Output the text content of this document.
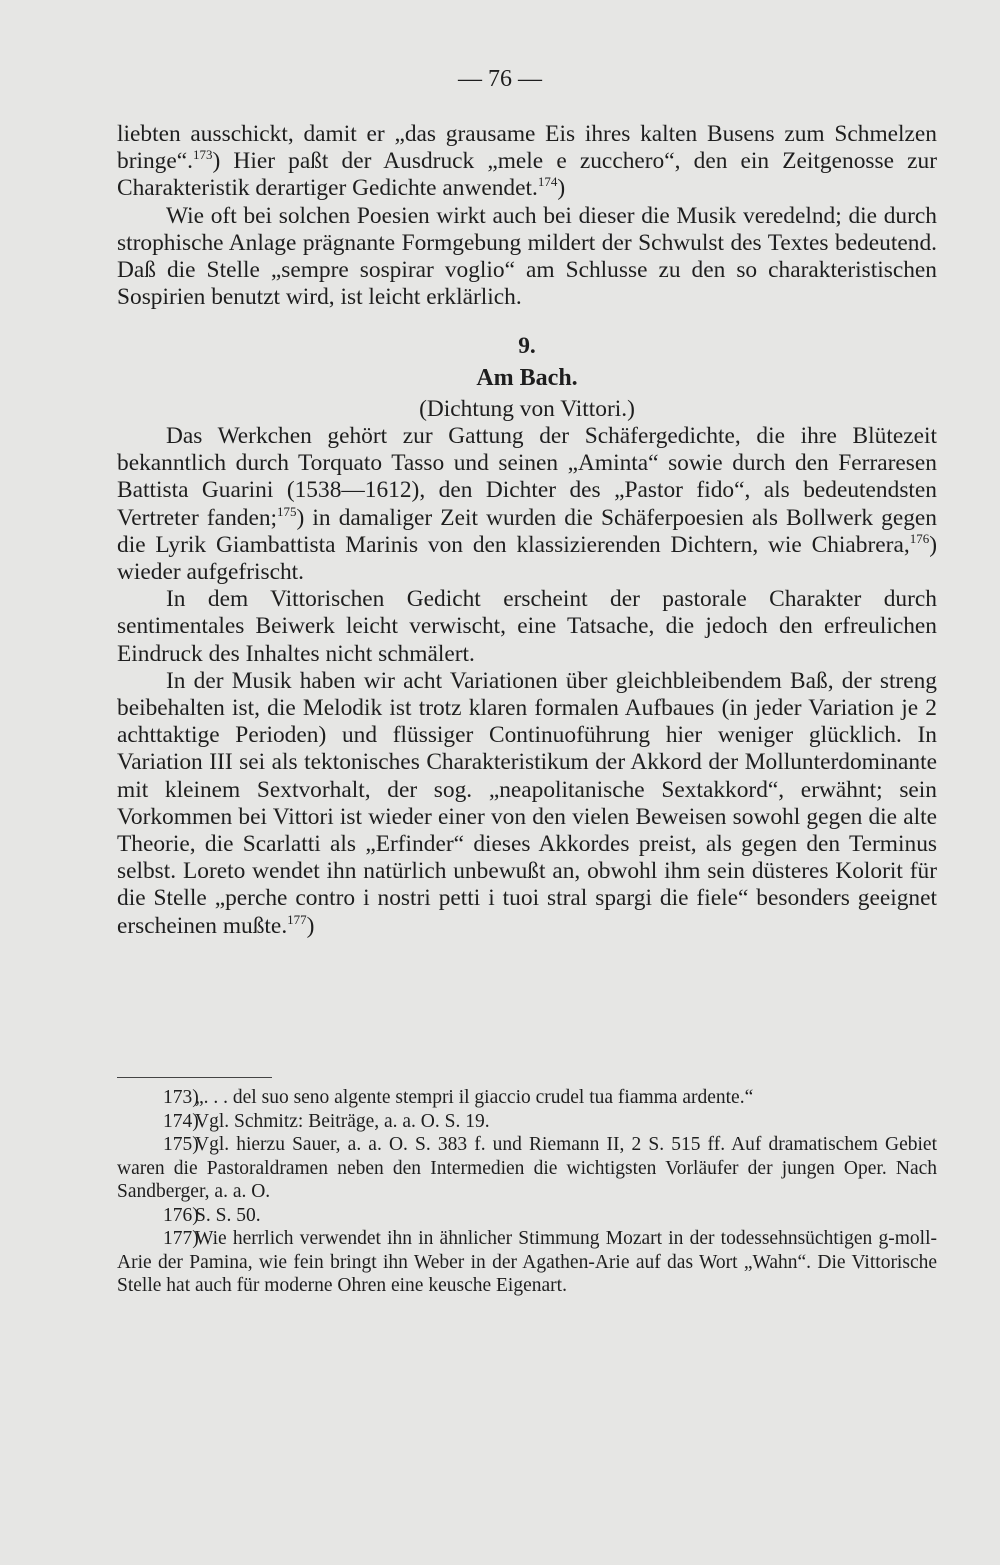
— 76 —

liebten ausschickt, damit er „das grausame Eis ihres kalten Busens zum Schmelzen bringe“.$^{173}$) Hier paßt der Ausdruck „mele e zucchero“, den ein Zeitgenosse zur Charakteristik derartiger Gedichte anwendet.$^{174}$)

Wie oft bei solchen Poesien wirkt auch bei dieser die Musik veredelnd; die durch strophische Anlage prägnante Formgebung mildert der Schwulst des Textes bedeutend. Daß die Stelle „sempre sospirar voglio“ am Schlusse zu den so charakteristischen Sospirien benutzt wird, ist leicht erklärlich.

9.

Am Bach.

(Dichtung von Vittori.)

Das Werkchen gehört zur Gattung der Schäfergedichte, die ihre Blütezeit bekanntlich durch Torquato Tasso und seinen „Aminta“ sowie durch den Ferraresen Battista Guarini (1538—1612), den Dichter des „Pastor fido“, als bedeutendsten Vertreter fanden;$^{175}$) in damaliger Zeit wurden die Schäferpoesien als Bollwerk gegen die Lyrik Giambattista Marinis von den klassizierenden Dichtern, wie Chiabrera,$^{176}$) wieder aufgefrischt.

In dem Vittorischen Gedicht erscheint der pastorale Charakter durch sentimentales Beiwerk leicht verwischt, eine Tatsache, die jedoch den erfreulichen Eindruck des Inhaltes nicht schmälert.

In der Musik haben wir acht Variationen über gleichbleibendem Baß, der streng beibehalten ist, die Melodik ist trotz klaren formalen Aufbaues (in jeder Variation je 2 achttaktige Perioden) und flüssiger Continuoführung hier weniger glücklich. In Variation III sei als tektonisches Charakteristikum der Akkord der Mollunterdominante mit kleinem Sextvorhalt, der sog. „neapolitanische Sextakkord“, erwähnt; sein Vorkommen bei Vittori ist wieder einer von den vielen Beweisen sowohl gegen die alte Theorie, die Scarlatti als „Erfinder“ dieses Akkordes preist, als gegen den Terminus selbst. Loreto wendet ihn natürlich unbewußt an, obwohl ihm sein düsteres Kolorit für die Stelle „perche contro i nostri petti i tuoi stral spargi die fiele“ besonders geeignet erscheinen mußte.$^{177}$)

173)„. . . del suo seno algente stempri il giaccio crudel tua fiamma ardente.“

174)Vgl. Schmitz: Beiträge, a. a. O. S. 19.

175)Vgl. hierzu Sauer, a. a. O. S. 383 f. und Riemann II, 2 S. 515 ff. Auf dramatischem Gebiet waren die Pastoraldramen neben den Intermedien die wichtigsten Vorläufer der jungen Oper. Nach Sandberger, a. a. O.

176)S. S. 50.

177)Wie herrlich verwendet ihn in ähnlicher Stimmung Mozart in der todessehnsüchtigen g-moll-Arie der Pamina, wie fein bringt ihn Weber in der Agathen-Arie auf das Wort „Wahn“. Die Vittorische Stelle hat auch für moderne Ohren eine keusche Eigenart.
